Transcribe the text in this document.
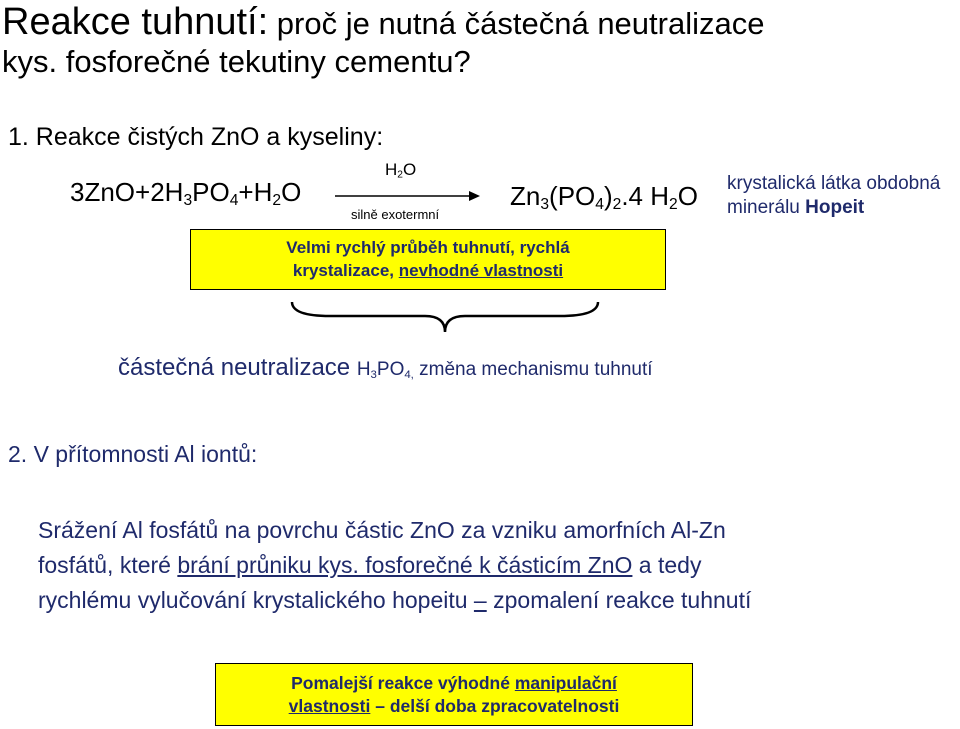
Reakce tuhnutí: proč je nutná částečná neutralizace
kys. fosforečné tekutiny cementu?
1. Reakce čistých ZnO a kyseliny:
$3ZnO+2H_3PO_4+H_2O$
$H_2O$
silně exotermní
$Zn_3(PO_4)_2.4$ $H_2O$ krystalická látka obdobná
minerálu Hopeit
Velmi rychlý průběh tuhnutí, rychlá
krystalizace, nevhodné vlastnosti
částečná neutralizace $H_3PO_{4,}$ změna mechanismu tuhnutí
2. V přítomnosti Al iontů:
Srážení Al fosfátů na povrchu částic ZnO za vzniku amorfních Al-Zn
fosfátů, které brání průniku kys. fosforečné k částicím ZnO a tedy
rychlému vylučování krystalického hopeitu – zpomalení reakce tuhnutí
Pomalejší reakce výhodné manipulační
vlastnosti – delší doba zpracovatelnosti
